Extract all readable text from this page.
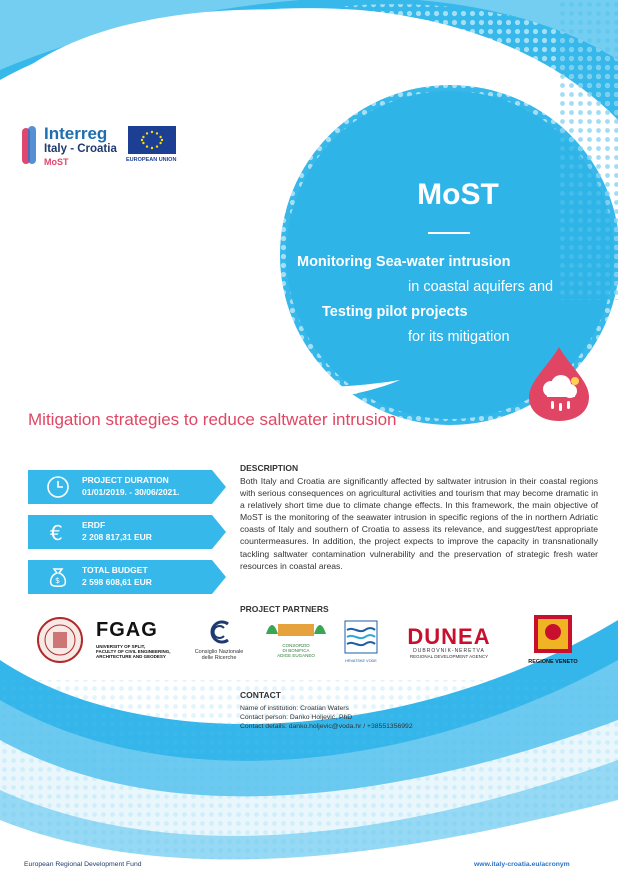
Interreg
Italy - Croatia
MoST	EUROPEAN UNION
MoST
Monitoring Sea-water intrusion
in coastal aquifers and
Testing pilot projects
for its mitigation
Mitigation strategies to reduce saltwater intrusion
PROJECT DURATION
01/01/2019. - 30/06/2021.
€ ERDF
2 208 817,31 EUR
$
TOTAL BUDGET
2 598 608,61 EUR
DESCRIPTION
Both Italy and Croatia are significantly affected by saltwater intrusion in their coastal regions with serious consequences on agricultural activities and tourism that may become dramatic in a relatively short time due to climate change effects. In this framework, the main objective of MoST is the monitoring of the seawater intrusion in specific regions of the in northern Adriatic coasts of Italy and southern of Croatia to assess its relevance, and suggest/test appropriate countermeasures. In addition, the project expects to improve the capacity in transnationally tackling saltwater contamination vulnerability and the preservation of strategic fresh water resources in coastal areas.
PROJECT PARTNERS
FGAG
UNIVERSITY OF SPLIT,
FACULTY OF CIVIL ENGINEERING,
ARCHITECTURE AND GEODESY
Consiglio Nazionale
delle Ricerche
CONSORZIO
DI BONIFICA
ADIGE EUGANEO
HRVATSKE VODE
DUNEA
DUBROVNIK-NERETVA
REGIONAL DEVELOPMENT AGENCY
REGIONE VENETO
CONTACT
Name of institution: Croatian Waters
Contact person: Danko Holjević, PhD
Contact details: danko.holjevic@voda.hr / +38551356992
European Regional Development Fund	www.italy-croatia.eu/acronym
